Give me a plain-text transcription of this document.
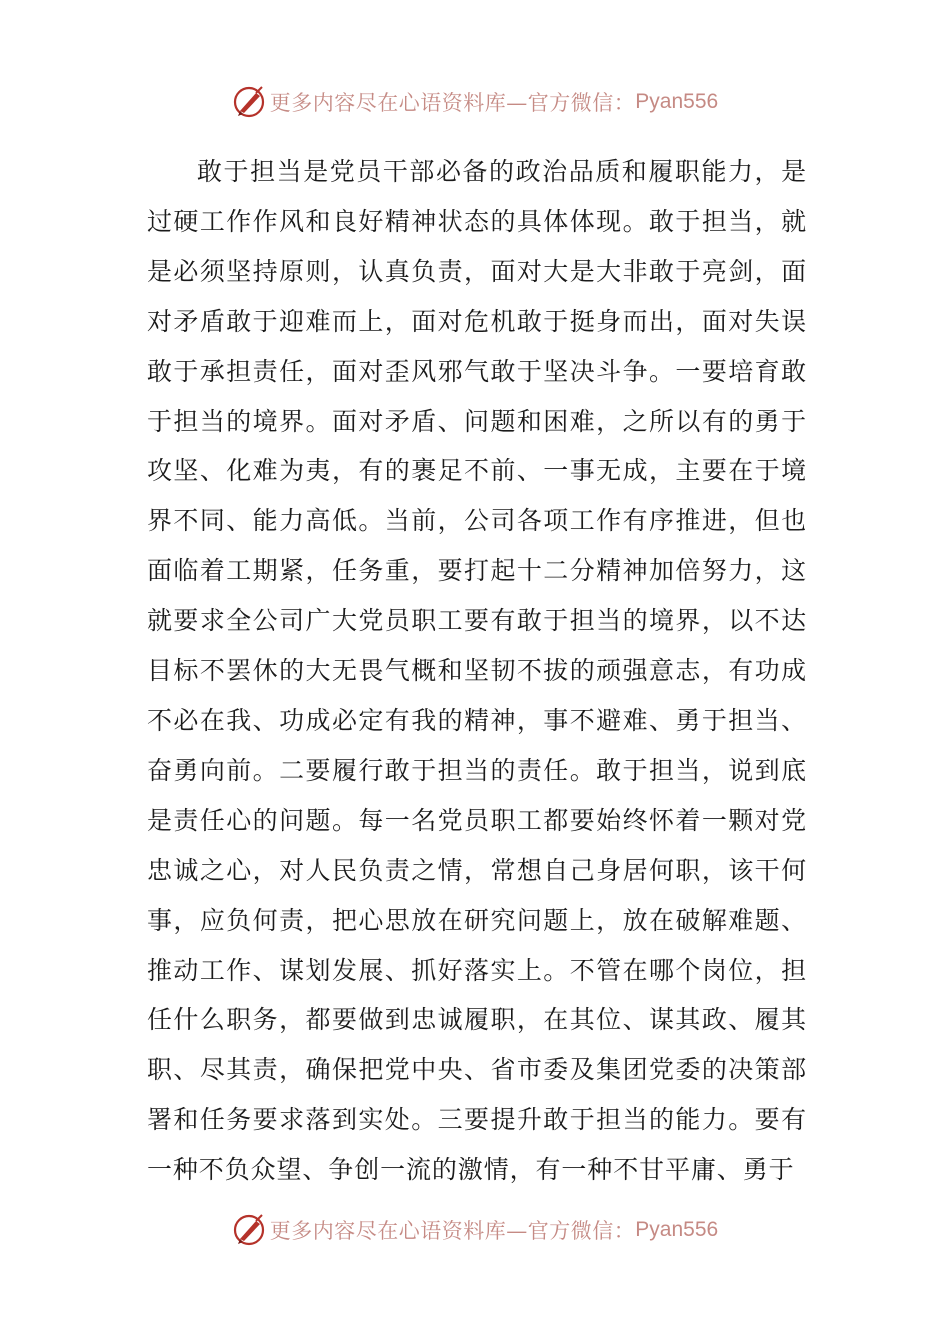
更多内容尽在心语资料库—官方微信： Pyan556

敢于担当是党员干部必备的政治品质和履职能力，是过硬工作作风和良好精神状态的具体体现。敢于担当，就是必须坚持原则，认真负责，面对大是大非敢于亮剑，面对矛盾敢于迎难而上，面对危机敢于挺身而出，面对失误敢于承担责任，面对歪风邪气敢于坚决斗争。一要培育敢于担当的境界。面对矛盾、问题和困难，之所以有的勇于攻坚、化难为夷，有的裹足不前、一事无成，主要在于境界不同、能力高低。当前，公司各项工作有序推进，但也面临着工期紧，任务重，要打起十二分精神加倍努力，这就要求全公司广大党员职工要有敢于担当的境界，以不达目标不罢休的大无畏气概和坚韧不拔的顽强意志，有功成不必在我、功成必定有我的精神，事不避难、勇于担当、奋勇向前。二要履行敢于担当的责任。敢于担当，说到底是责任心的问题。每一名党员职工都要始终怀着一颗对党忠诚之心，对人民负责之情，常想自己身居何职，该干何事，应负何责，把心思放在研究问题上，放在破解难题、推动工作、谋划发展、抓好落实上。不管在哪个岗位，担任什么职务，都要做到忠诚履职，在其位、谋其政、履其职、尽其责，确保把党中央、省市委及集团党委的决策部署和任务要求落到实处。三要提升敢于担当的能力。要有一种不负众望、争创一流的激情，有一种不甘平庸、勇于

更多内容尽在心语资料库—官方微信： Pyan556
